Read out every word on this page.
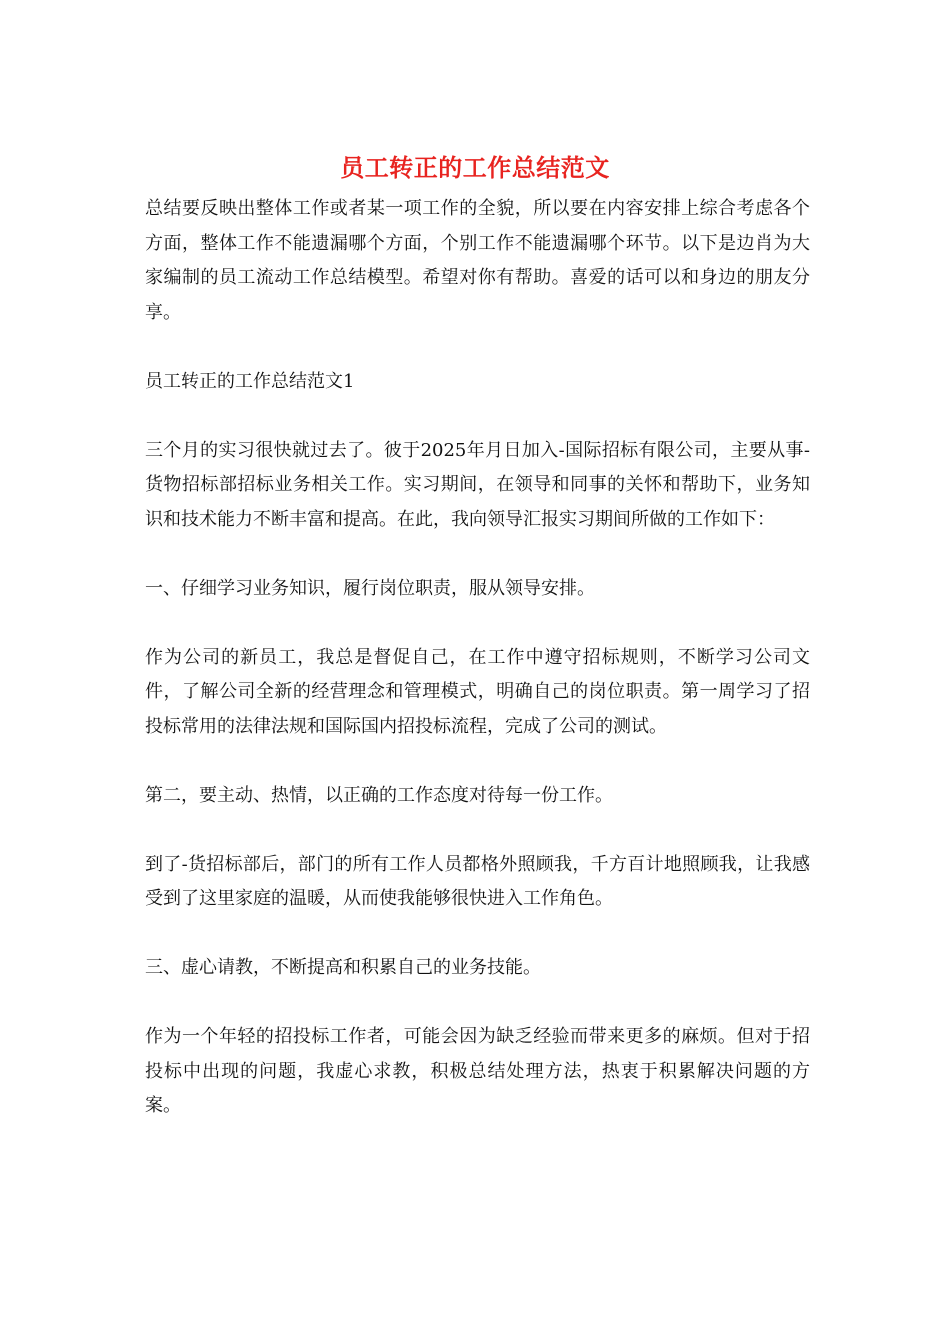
员工转正的工作总结范文

总结要反映出整体工作或者某一项工作的全貌，所以要在内容安排上综合考虑各个方面，整体工作不能遗漏哪个方面，个别工作不能遗漏哪个环节。以下是边肖为大家编制的员工流动工作总结模型。希望对你有帮助。喜爱的话可以和身边的朋友分享。

员工转正的工作总结范文1

三个月的实习很快就过去了。彼于2025年月日加入-国际招标有限公司，主要从事-货物招标部招标业务相关工作。实习期间，在领导和同事的关怀和帮助下，业务知识和技术能力不断丰富和提高。在此，我向领导汇报实习期间所做的工作如下：

一、仔细学习业务知识，履行岗位职责，服从领导安排。

作为公司的新员工，我总是督促自己，在工作中遵守招标规则，不断学习公司文件，了解公司全新的经营理念和管理模式，明确自己的岗位职责。第一周学习了招投标常用的法律法规和国际国内招投标流程，完成了公司的测试。

第二，要主动、热情，以正确的工作态度对待每一份工作。

到了-货招标部后，部门的所有工作人员都格外照顾我，千方百计地照顾我，让我感受到了这里家庭的温暖，从而使我能够很快进入工作角色。

三、虚心请教，不断提高和积累自己的业务技能。

作为一个年轻的招投标工作者，可能会因为缺乏经验而带来更多的麻烦。但对于招投标中出现的问题，我虚心求教，积极总结处理方法，热衷于积累解决问题的方案。
